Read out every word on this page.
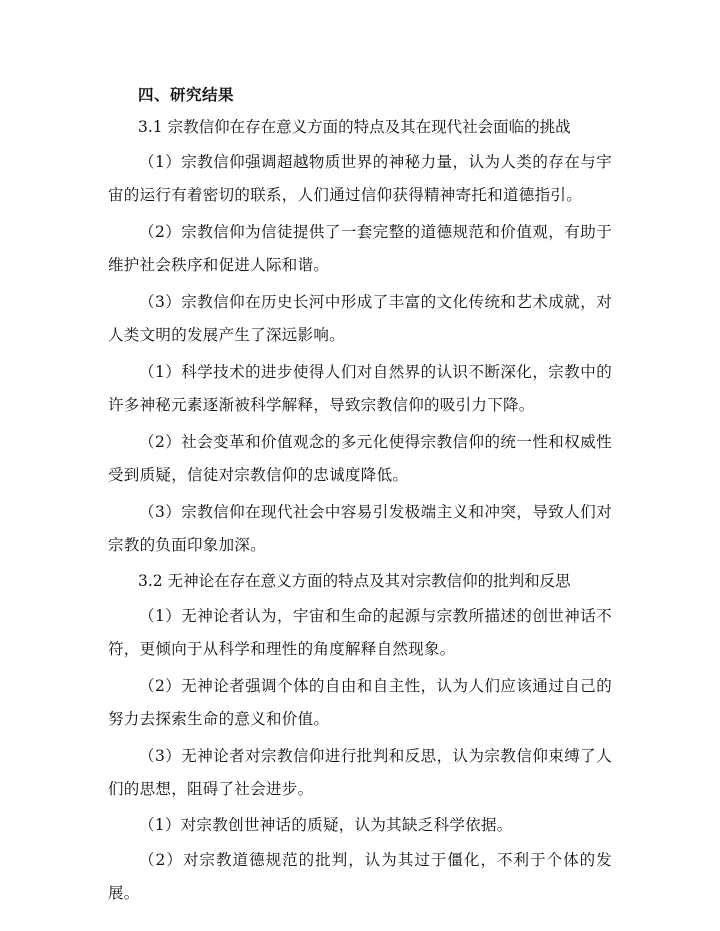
四、研究结果
3.1 宗教信仰在存在意义方面的特点及其在现代社会面临的挑战

（1）宗教信仰强调超越物质世界的神秘力量，认为人类的存在与宇宙的运行有着密切的联系，人们通过信仰获得精神寄托和道德指引。

（2）宗教信仰为信徒提供了一套完整的道德规范和价值观，有助于维护社会秩序和促进人际和谐。

（3）宗教信仰在历史长河中形成了丰富的文化传统和艺术成就，对人类文明的发展产生了深远影响。

（1）科学技术的进步使得人们对自然界的认识不断深化，宗教中的许多神秘元素逐渐被科学解释，导致宗教信仰的吸引力下降。

（2）社会变革和价值观念的多元化使得宗教信仰的统一性和权威性受到质疑，信徒对宗教信仰的忠诚度降低。

（3）宗教信仰在现代社会中容易引发极端主义和冲突，导致人们对宗教的负面印象加深。

3.2 无神论在存在意义方面的特点及其对宗教信仰的批判和反思

（1）无神论者认为，宇宙和生命的起源与宗教所描述的创世神话不符，更倾向于从科学和理性的角度解释自然现象。

（2）无神论者强调个体的自由和自主性，认为人们应该通过自己的努力去探索生命的意义和价值。

（3）无神论者对宗教信仰进行批判和反思，认为宗教信仰束缚了人们的思想，阻碍了社会进步。

（1）对宗教创世神话的质疑，认为其缺乏科学依据。

（2）对宗教道德规范的批判，认为其过于僵化，不利于个体的发展。
